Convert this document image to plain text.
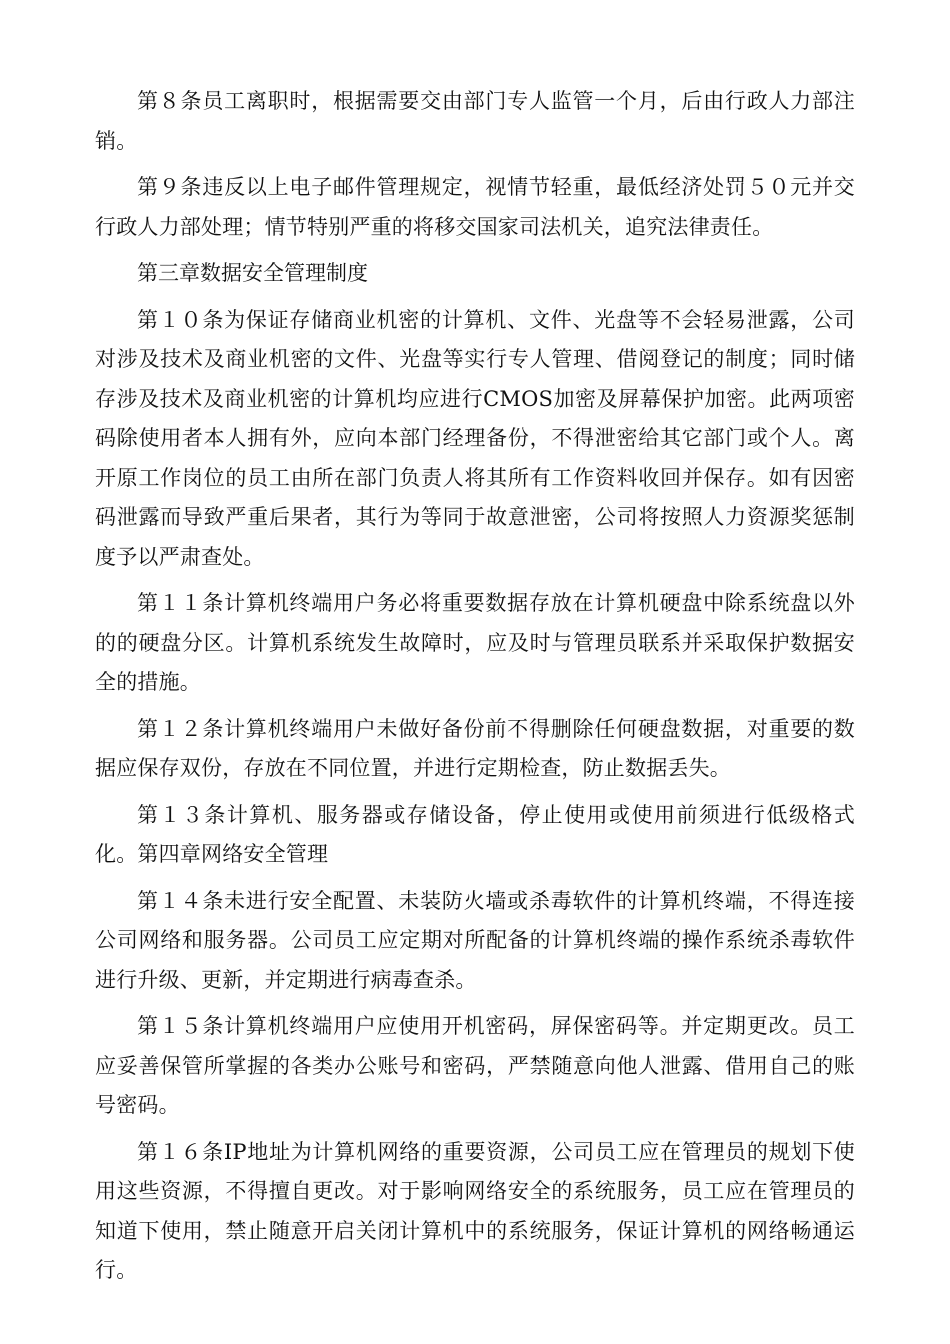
第８条员工离职时，根据需要交由部门专人监管一个月，后由行政人力部注销。

第９条违反以上电子邮件管理规定，视情节轻重，最低经济处罚５０元并交行政人力部处理；情节特别严重的将移交国家司法机关，追究法律责任。

第三章数据安全管理制度

第１０条为保证存储商业机密的计算机、文件、光盘等不会轻易泄露，公司对涉及技术及商业机密的文件、光盘等实行专人管理、借阅登记的制度；同时储存涉及技术及商业机密的计算机均应进行CMOS加密及屏幕保护加密。此两项密码除使用者本人拥有外，应向本部门经理备份，不得泄密给其它部门或个人。离开原工作岗位的员工由所在部门负责人将其所有工作资料收回并保存。如有因密码泄露而导致严重后果者，其行为等同于故意泄密，公司将按照人力资源奖惩制度予以严肃查处。

第１１条计算机终端用户务必将重要数据存放在计算机硬盘中除系统盘以外的的硬盘分区。计算机系统发生故障时，应及时与管理员联系并采取保护数据安全的措施。

第１２条计算机终端用户未做好备份前不得删除任何硬盘数据，对重要的数据应保存双份，存放在不同位置，并进行定期检查，防止数据丢失。

第１３条计算机、服务器或存储设备，停止使用或使用前须进行低级格式化。第四章网络安全管理

第１４条未进行安全配置、未装防火墙或杀毒软件的计算机终端，不得连接公司网络和服务器。公司员工应定期对所配备的计算机终端的操作系统杀毒软件进行升级、更新，并定期进行病毒查杀。

第１５条计算机终端用户应使用开机密码，屏保密码等。并定期更改。员工应妥善保管所掌握的各类办公账号和密码，严禁随意向他人泄露、借用自己的账号密码。

第１６条IP地址为计算机网络的重要资源，公司员工应在管理员的规划下使用这些资源，不得擅自更改。对于影响网络安全的系统服务，员工应在管理员的知道下使用，禁止随意开启关闭计算机中的系统服务，保证计算机的网络畅通运行。
